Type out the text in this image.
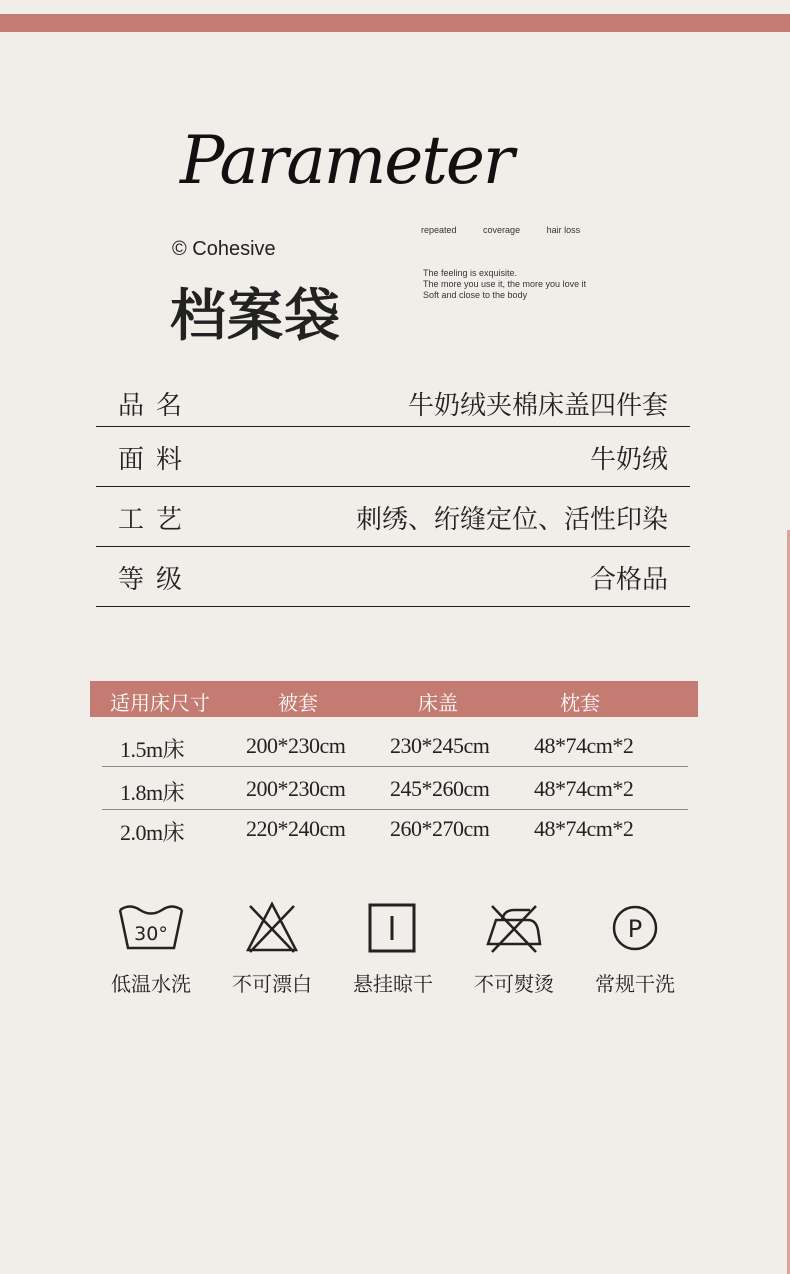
Parameter
© Cohesive
档案袋
repeated	coverage	hair loss
The feeling is exquisite.
The more you use it, the more you love it
Soft and close to the body
品名	牛奶绒夹棉床盖四件套
面料	牛奶绒
工艺	刺绣、绗缝定位、活性印染
等级	合格品
适用床尺寸	被套	床盖	枕套
1.5m床	200*230cm 230*245cm 48*74cm*2
1.8m床	200*230cm 245*260cm 48*74cm*2
2.0m床	220*240cm 260*270cm 48*74cm*2
30°
低温水洗	不可漂白	悬挂晾干	不可熨烫
P
常规干洗
